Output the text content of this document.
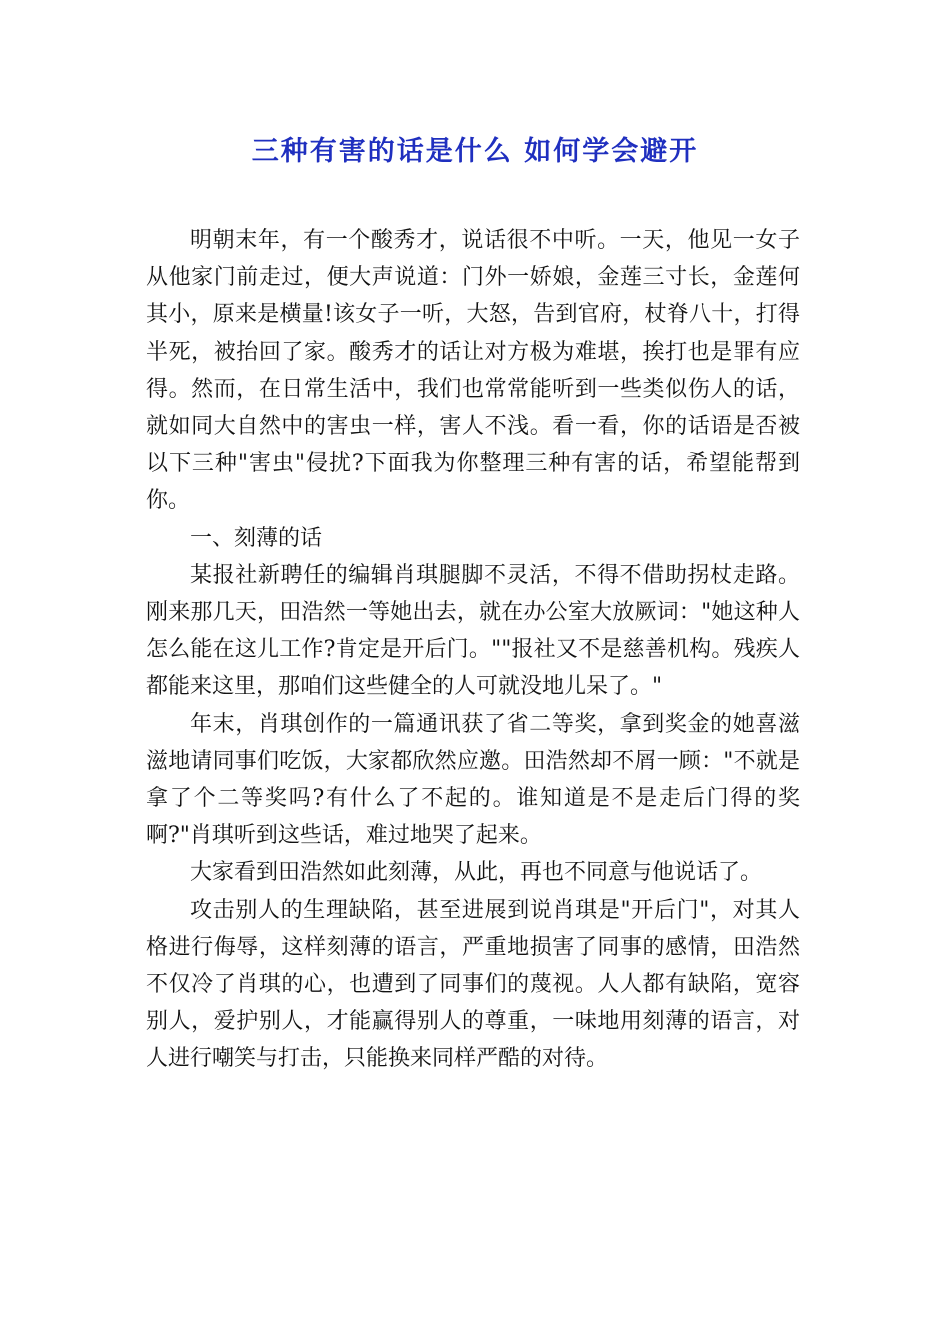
三种有害的话是什么 如何学会避开

明朝末年，有一个酸秀才，说话很不中听。一天，他见一女子从他家门前走过，便大声说道：门外一娇娘，金莲三寸长，金莲何其小，原来是横量!该女子一听，大怒，告到官府，杖脊八十，打得半死，被抬回了家。酸秀才的话让对方极为难堪，挨打也是罪有应得。然而，在日常生活中，我们也常常能听到一些类似伤人的话，就如同大自然中的害虫一样，害人不浅。看一看，你的话语是否被以下三种"害虫"侵扰?下面我为你整理三种有害的话，希望能帮到你。

一、刻薄的话

某报社新聘任的编辑肖琪腿脚不灵活，不得不借助拐杖走路。刚来那几天，田浩然一等她出去，就在办公室大放厥词："她这种人怎么能在这儿工作?肯定是开后门。""报社又不是慈善机构。残疾人都能来这里，那咱们这些健全的人可就没地儿呆了。"

年末，肖琪创作的一篇通讯获了省二等奖，拿到奖金的她喜滋滋地请同事们吃饭，大家都欣然应邀。田浩然却不屑一顾："不就是拿了个二等奖吗?有什么了不起的。谁知道是不是走后门得的奖啊?"肖琪听到这些话，难过地哭了起来。

大家看到田浩然如此刻薄，从此，再也不同意与他说话了。

攻击别人的生理缺陷，甚至进展到说肖琪是"开后门"，对其人格进行侮辱，这样刻薄的语言，严重地损害了同事的感情，田浩然不仅冷了肖琪的心，也遭到了同事们的蔑视。人人都有缺陷，宽容别人，爱护别人，才能赢得别人的尊重，一味地用刻薄的语言，对人进行嘲笑与打击，只能换来同样严酷的对待。
